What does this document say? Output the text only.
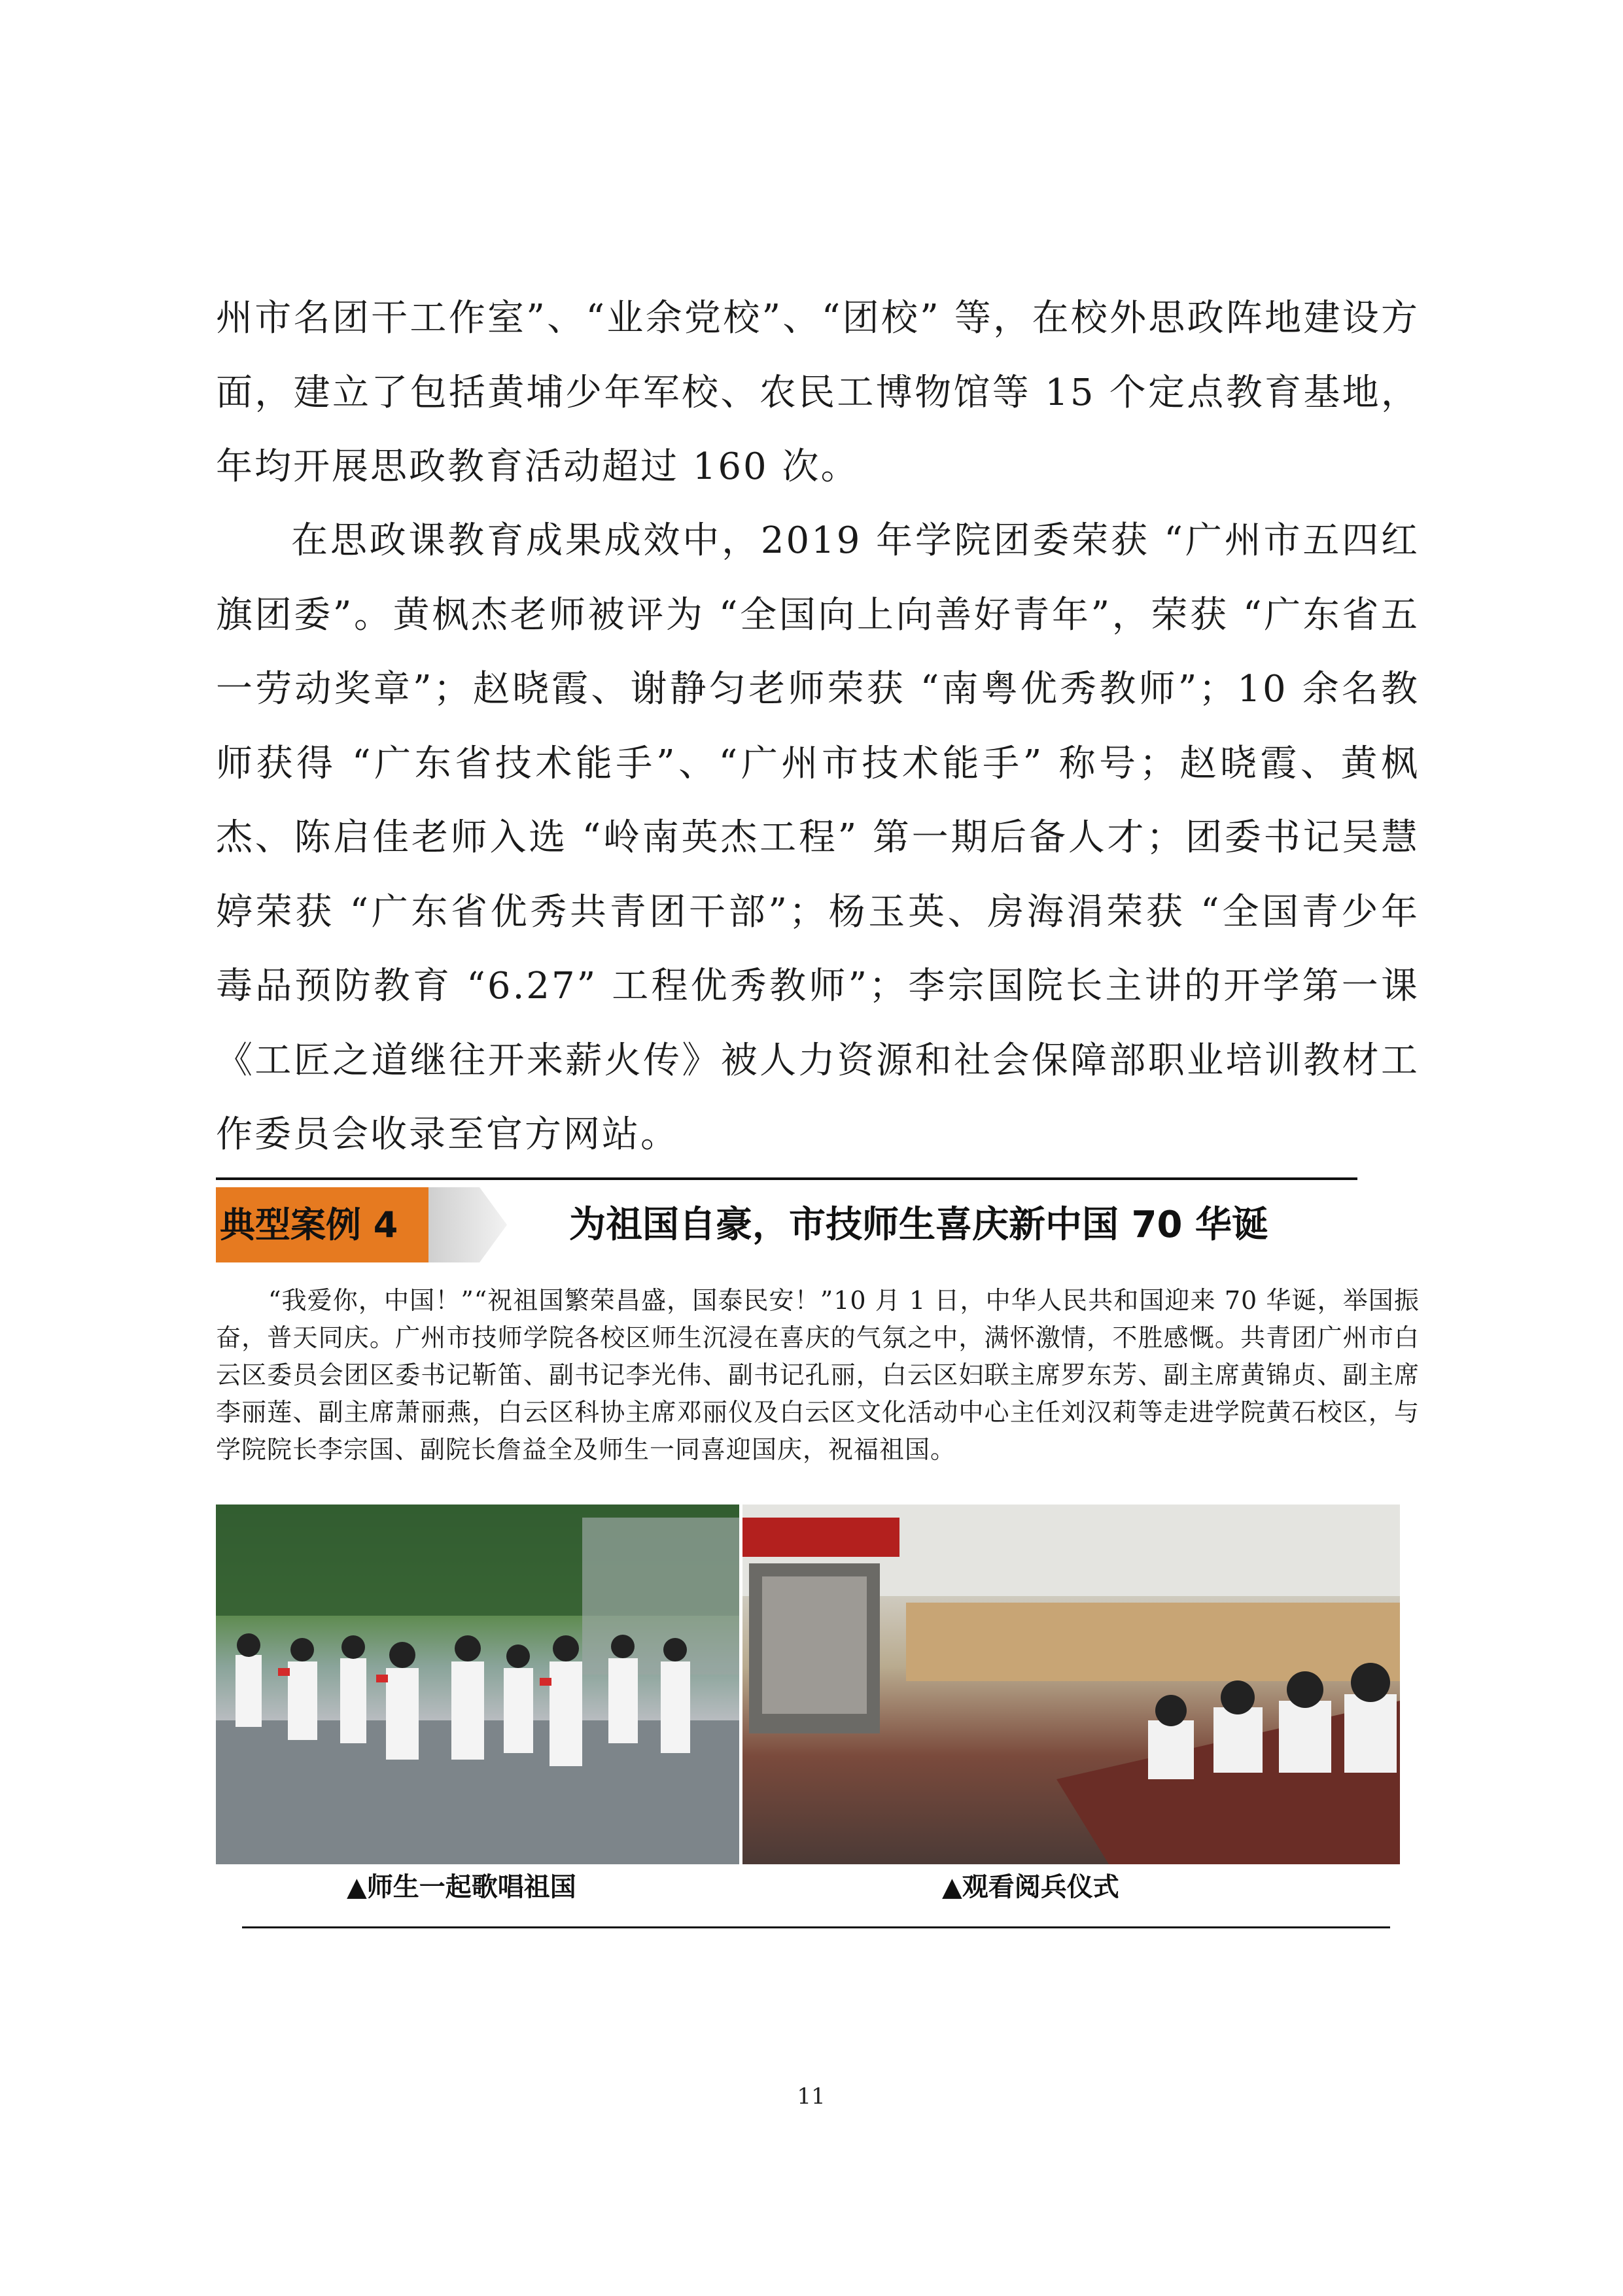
州市名团干工作室”、“业余党校”、“团校” 等，在校外思政阵地建设方面，建立了包括黄埔少年军校、农民工博物馆等 15 个定点教育基地，年均开展思政教育活动超过 160 次。

在思政课教育成果成效中，2019 年学院团委荣获 “广州市五四红旗团委”。黄枫杰老师被评为 “全国向上向善好青年”，荣获 “广东省五一劳动奖章”；赵晓霞、谢静匀老师荣获 “南粤优秀教师”；10 余名教师获得 “广东省技术能手”、“广州市技术能手” 称号；赵晓霞、黄枫杰、陈启佳老师入选 “岭南英杰工程” 第一期后备人才；团委书记吴慧婷荣获 “广东省优秀共青团干部”；杨玉英、房海涓荣获 “全国青少年毒品预防教育 “6.27” 工程优秀教师”；李宗国院长主讲的开学第一课《工匠之道继往开来薪火传》被人力资源和社会保障部职业培训教材工作委员会收录至官方网站。

典型案例 4	为祖国自豪，市技师生喜庆新中国 70 华诞

“我爱你，中国！”“祝祖国繁荣昌盛，国泰民安！”10 月 1 日，中华人民共和国迎来 70 华诞，举国振奋，普天同庆。广州市技师学院各校区师生沉浸在喜庆的气氛之中，满怀激情，不胜感慨。共青团广州市白云区委员会团区委书记靳笛、副书记李光伟、副书记孔丽，白云区妇联主席罗东芳、副主席黄锦贞、副主席李丽莲、副主席萧丽燕，白云区科协主席邓丽仪及白云区文化活动中心主任刘汉莉等走进学院黄石校区，与学院院长李宗国、副院长詹益全及师生一同喜迎国庆，祝福祖国。

▲师生一起歌唱祖国	▲观看阅兵仪式

11
